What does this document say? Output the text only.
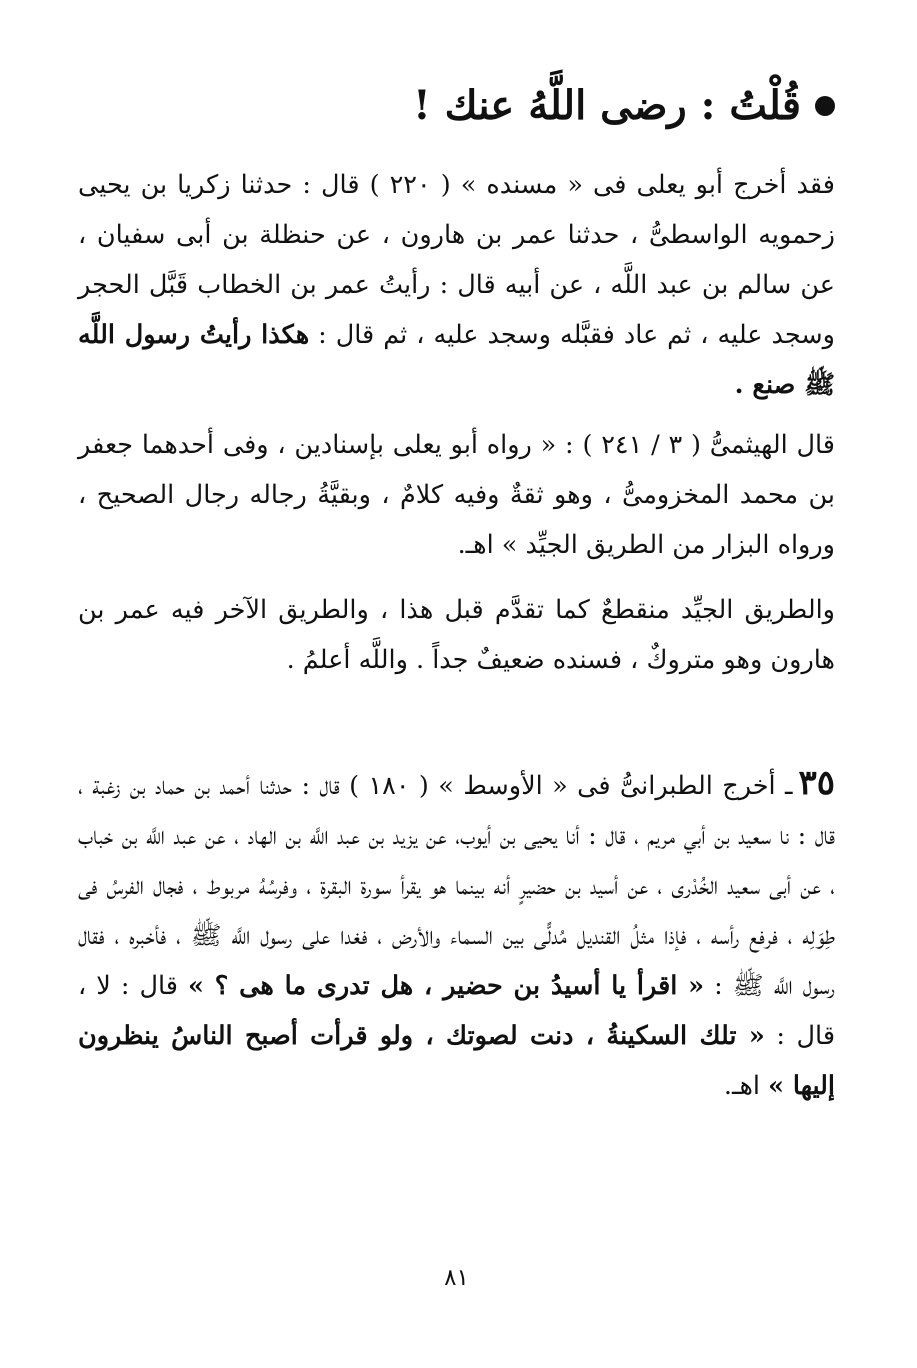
قُلْتُ : رضى اللَّهُ عنك !
فقد أخرج أبو يعلى فى « مسنده » ( ٢٢٠ ) قال : حدثنا زكريا بن يحيى زحمويه الواسطىُّ ، حدثنا عمر بن هارون ، عن حنظلة بن أبى سفيان ، عن سالم بن عبد اللَّه ، عن أبيه قال : رأيتُ عمر بن الخطاب قَبَّل الحجر وسجد عليه ، ثم عاد فقبَّله وسجد عليه ، ثم قال : هكذا رأيتُ رسول اللَّه ﷺ صنع .
قال الهيثمىُّ ( ٣ / ٢٤١ ) : « رواه أبو يعلى بإسنادين ، وفى أحدهما جعفر بن محمد المخزومىُّ ، وهو ثقةٌ وفيه كلامٌ ، وبقيَّةُ رجاله رجال الصحيح ، ورواه البزار من الطريق الجيِّد » اهـ.
والطريق الجيِّد منقطعٌ كما تقدَّم قبل هذا ، والطريق الآخر فيه عمر بن هارون وهو متروكٌ ، فسنده ضعيفٌ جداً . واللَّه أعلمُ .
٣٥ـ أخرج الطبرانىُّ فى « الأوسط » ( ١٨٠ ) قال : حدثنا أحمد بن حماد بن زغبة ، قال : نا سعيد بن أبي مريم ، قال : أنا يحيى بن أيوب، عن يزيد بن عبد اللَّه بن الهاد ، عن عبد اللَّه بن خباب ، عن أبى سعيد الخُدْرى ، عن أسيد بن حضيرٍ أنه بينما هو يقرأ سورة البقرة ، وفرسُهُ مربوط ، فجال الفرسُ فى طِوَلِه ، فرفع رأسه ، فإذا مثلُ القنديل مُدلًّى بين السماء والأرض ، فغدا على رسول اللَّه ﷺ ، فأخبره ، فقال رسول اللَّه ﷺ : « اقرأ يا أسيدُ بن حضير ، هل تدرى ما هى ؟ » قال : لا ، قال : « تلك السكينةُ ، دنت لصوتك ، ولو قرأت أصبح الناسُ ينظرون إليها » اهـ.
٨١
